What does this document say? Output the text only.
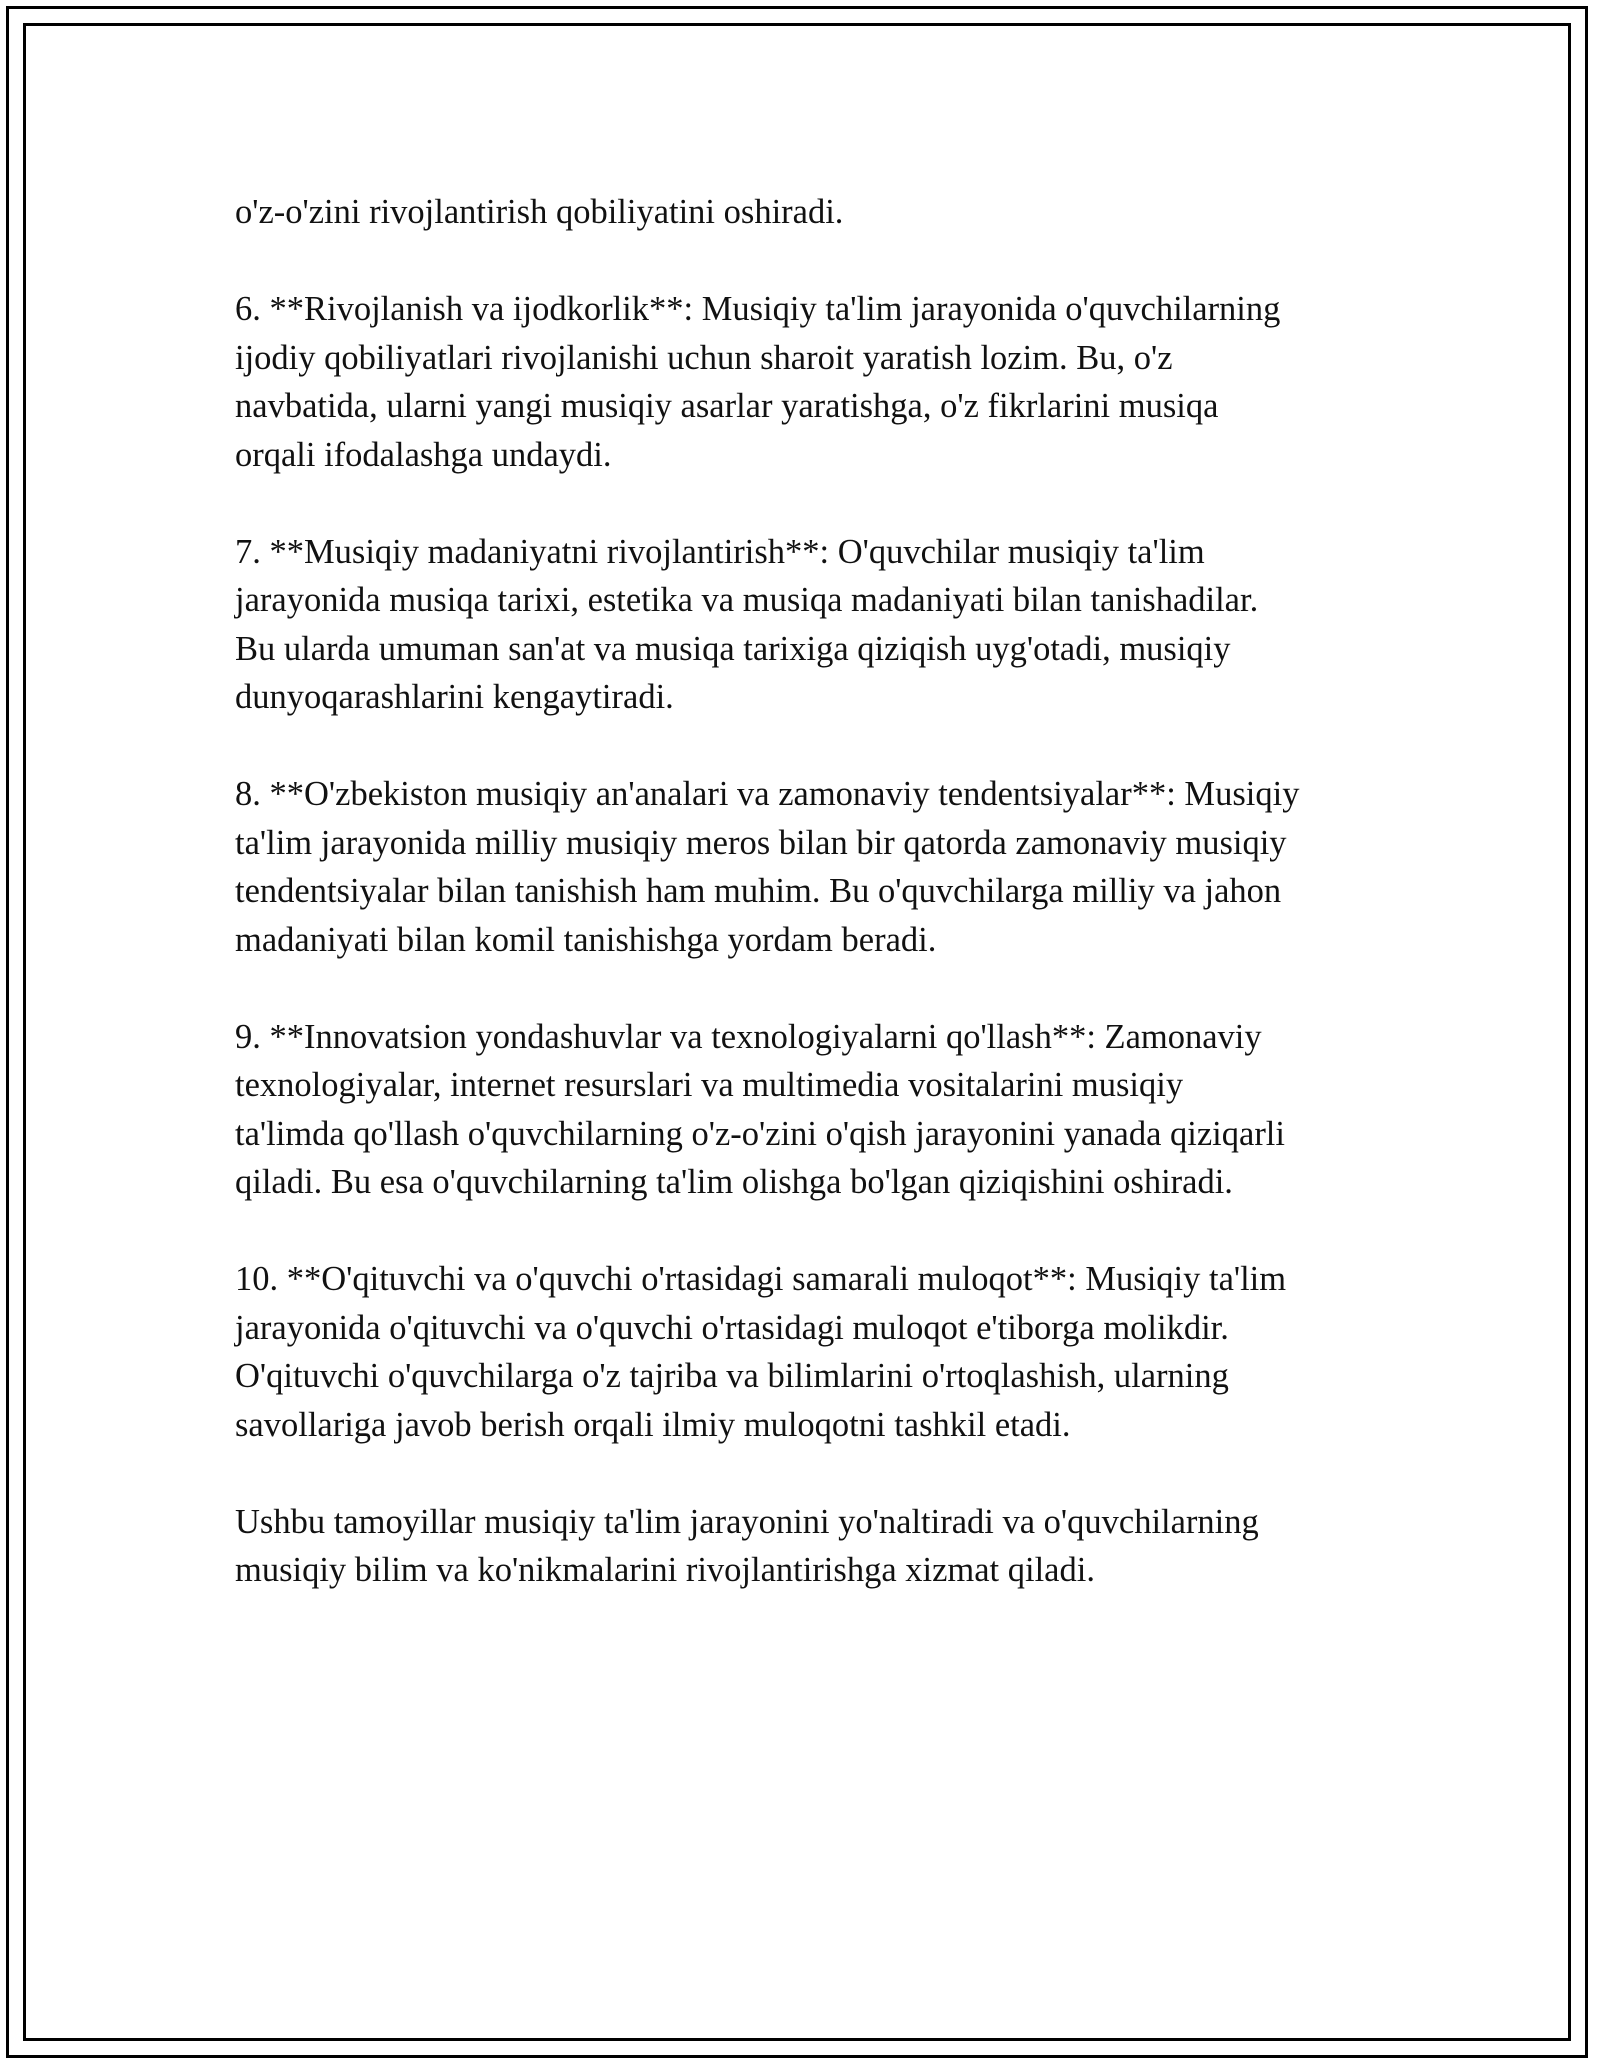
o'z-o'zini rivojlantirish qobiliyatini oshiradi.

6. **Rivojlanish va ijodkorlik**: Musiqiy ta'lim jarayonida o'quvchilarning
ijodiy qobiliyatlari rivojlanishi uchun sharoit yaratish lozim. Bu, o'z
navbatida, ularni yangi musiqiy asarlar yaratishga, o'z fikrlarini musiqa
orqali ifodalashga undaydi.

7. **Musiqiy madaniyatni rivojlantirish**: O'quvchilar musiqiy ta'lim
jarayonida musiqa tarixi, estetika va musiqa madaniyati bilan tanishadilar.
Bu ularda umuman san'at va musiqa tarixiga qiziqish uyg'otadi, musiqiy
dunyoqarashlarini kengaytiradi.

8. **O'zbekiston musiqiy an'analari va zamonaviy tendentsiyalar**: Musiqiy
ta'lim jarayonida milliy musiqiy meros bilan bir qatorda zamonaviy musiqiy
tendentsiyalar bilan tanishish ham muhim. Bu o'quvchilarga milliy va jahon
madaniyati bilan komil tanishishga yordam beradi.

9. **Innovatsion yondashuvlar va texnologiyalarni qo'llash**: Zamonaviy
texnologiyalar, internet resurslari va multimedia vositalarini musiqiy
ta'limda qo'llash o'quvchilarning o'z-o'zini o'qish jarayonini yanada qiziqarli
qiladi. Bu esa o'quvchilarning ta'lim olishga bo'lgan qiziqishini oshiradi.

10. **O'qituvchi va o'quvchi o'rtasidagi samarali muloqot**: Musiqiy ta'lim
jarayonida o'qituvchi va o'quvchi o'rtasidagi muloqot e'tiborga molikdir.
O'qituvchi o'quvchilarga o'z tajriba va bilimlarini o'rtoqlashish, ularning
savollariga javob berish orqali ilmiy muloqotni tashkil etadi.

Ushbu tamoyillar musiqiy ta'lim jarayonini yo'naltiradi va o'quvchilarning
musiqiy bilim va ko'nikmalarini rivojlantirishga xizmat qiladi.
